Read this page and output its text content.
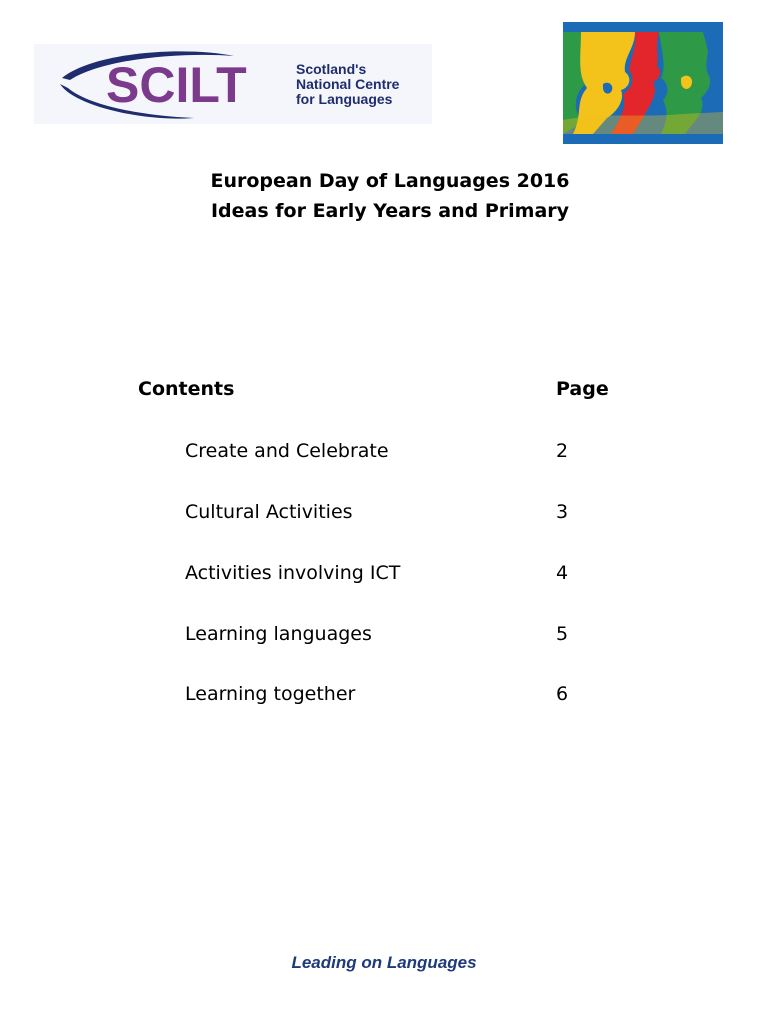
SCILT	Scotland's
National Centre
for Languages
European Day of Languages 2016
Ideas for Early Years and Primary
Contents	Page
Create and Celebrate	2
Cultural Activities	3
Activities involving ICT	4
Learning languages	5
Learning together	6
Leading on Languages
